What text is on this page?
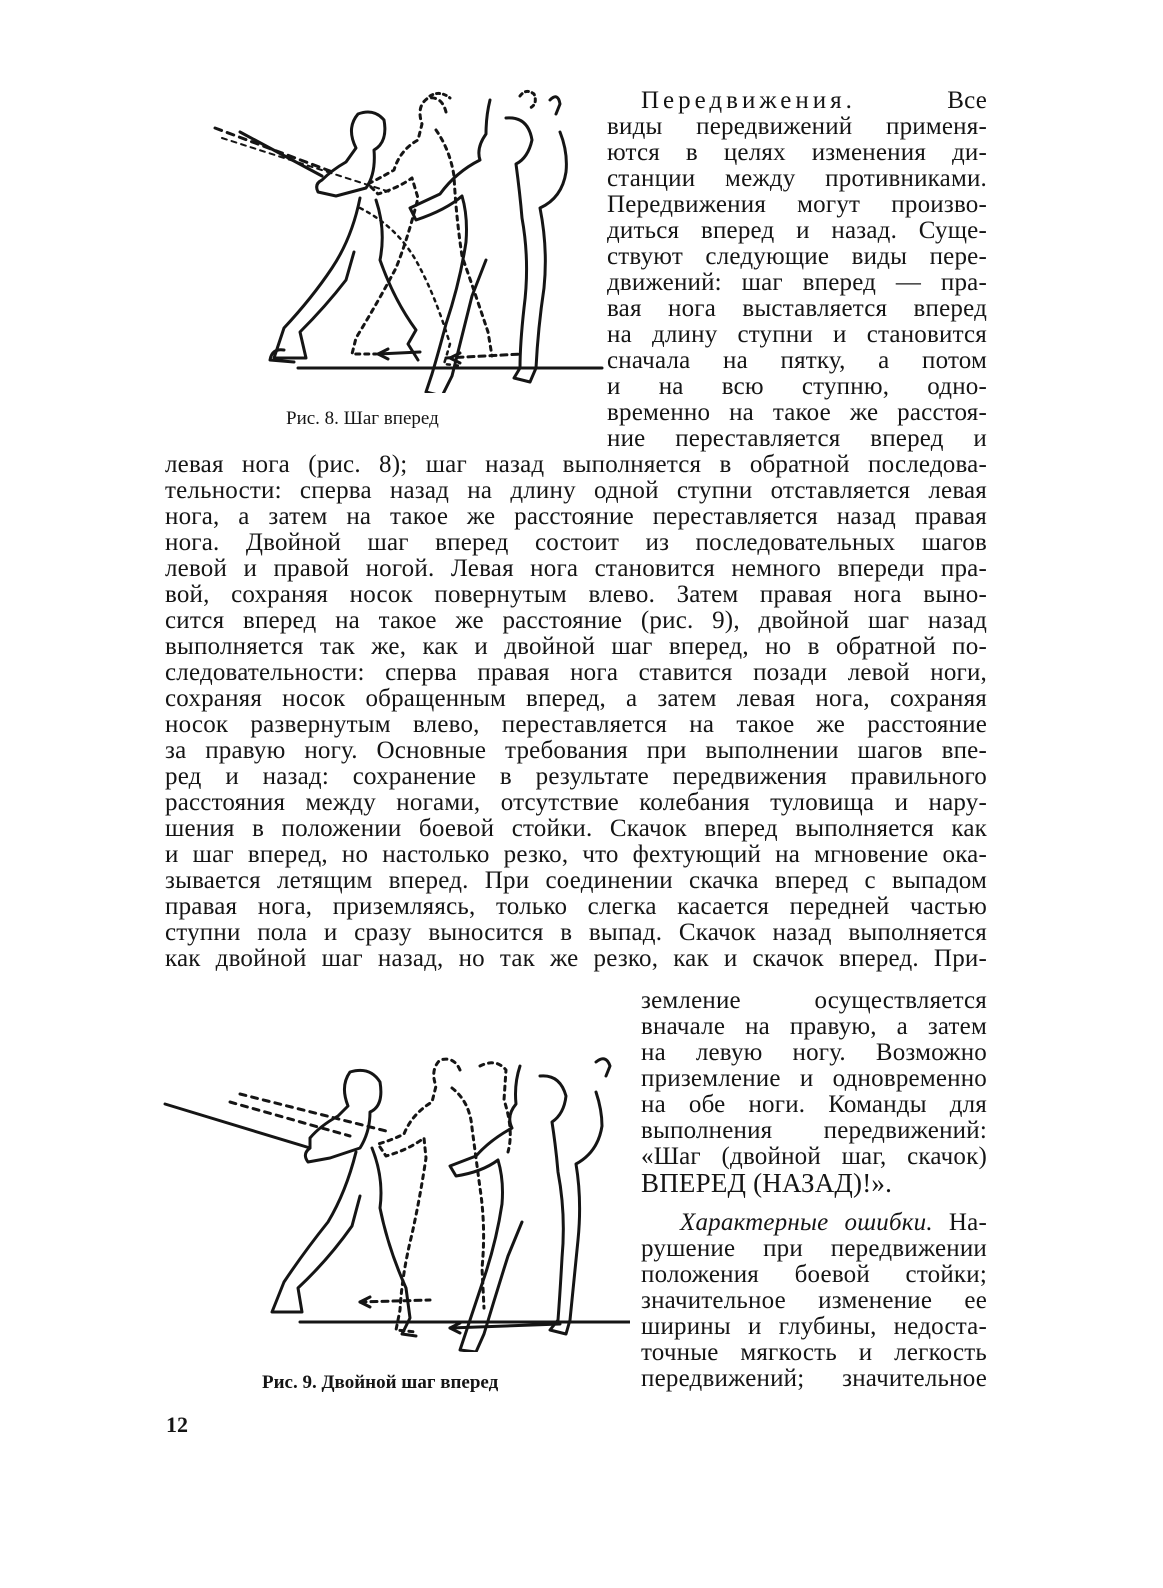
Рис. 8. Шаг вперед

Передвижения.	Все

виды передвижений применя-

ются в целях изменения ди-

станции между противниками.

Передвижения могут произво-

диться вперед и назад. Суще-

ствуют следующие виды пере-

движений: шаг вперед — пра-

вая нога выставляется вперед

на длину ступни и становится

сначала на пятку, а потом

и на всю ступню, одно-

временно на такое же расстоя-

ние переставляется вперед и

левая нога (рис. 8); шаг назад выполняется в обратной последова-

тельности: сперва назад на длину одной ступни отставляется левая

нога, а затем на такое же расстояние переставляется назад правая

нога. Двойной шаг вперед состоит из последовательных шагов

левой и правой ногой. Левая нога становится немного впереди пра-

вой, сохраняя носок повернутым влево. Затем правая нога выно-

сится вперед на такое же расстояние (рис. 9), двойной шаг назад

выполняется так же, как и двойной шаг вперед, но в обратной по-

следовательности: сперва правая нога ставится позади левой ноги,

сохраняя носок обращенным вперед, а затем левая нога, сохраняя

носок развернутым влево, переставляется на такое же расстояние

за правую ногу. Основные требования при выполнении шагов впе-

ред и назад: сохранение в результате передвижения правильного

расстояния между ногами, отсутствие колебания туловища и нару-

шения в положении боевой стойки. Скачок вперед выполняется как

и шаг вперед, но настолько резко, что фехтующий на мгновение ока-

зывается летящим вперед. При соединении скачка вперед с выпадом

правая нога, приземляясь, только слегка касается передней частью

ступни пола и сразу выносится в выпад. Скачок назад выполняется

как двойной шаг назад, но так же резко, как и скачок вперед. При-

земление осуществляется

вначале на правую, а затем

на левую ногу. Возможно

приземление и одновременно

на обе ноги. Команды для

выполнения передвижений:

«Шаг (двойной шаг, скачок)

ВПЕРЕД (НАЗАД)!».

Характерные ошибки. На-

рушение при передвижении

положения боевой стойки;

значительное изменение ее

ширины и глубины, недоста-

точные мягкость и легкость

передвижений; значительное

Рис. 9. Двойной шаг вперед

12
